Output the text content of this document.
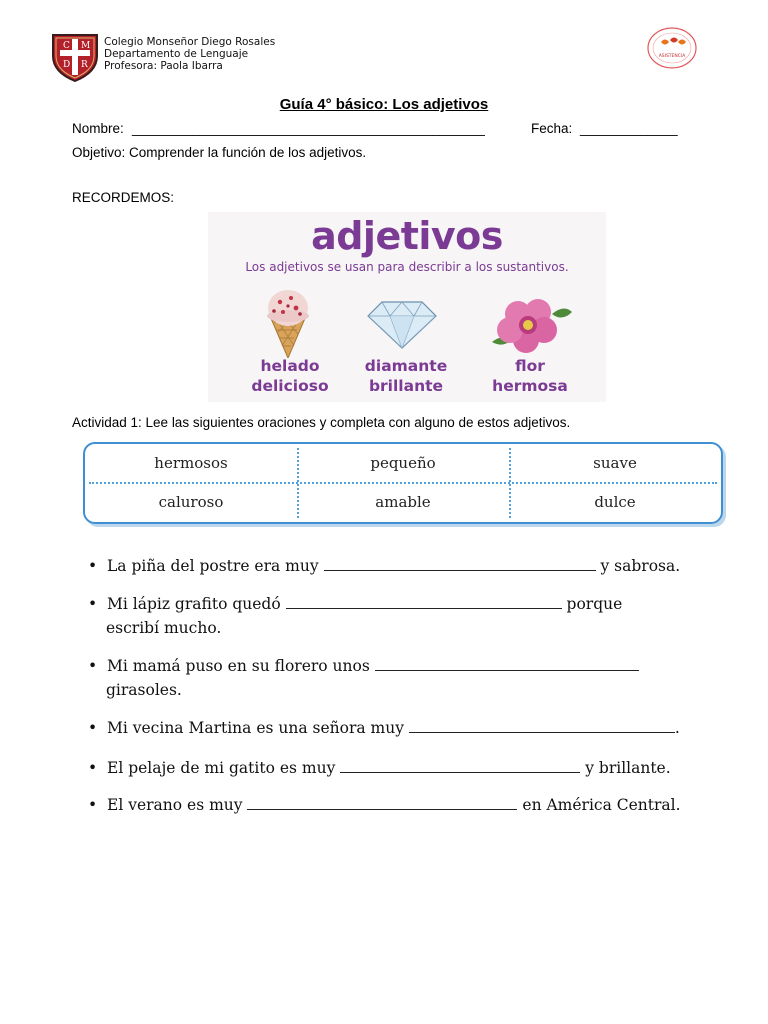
C M
D R
Colegio Monseñor Diego Rosales
Departamento de Lenguaje
Profesora: Paola Ibarra
ASISTENCIA
Guía 4° básico: Los adjetivos
Nombre: _______________________________________________	Fecha: _____________
Objetivo: Comprender la función de los adjetivos.
RECORDEMOS:
adjetivos
Los adjetivos se usan para describir a los sustantivos.
helado
delicioso
diamante
brillante
flor
hermosa
Actividad 1: Lee las siguientes oraciones y completa con alguno de estos adjetivos.
hermosos	pequeño	suave
caluroso	amable	dulce
•  La piña del postre era muy	y sabrosa.
•  Mi lápiz grafito quedó	porque
escribí mucho.
•  Mi mamá puso en su florero unos
girasoles.
•  Mi vecina Martina es una señora muy	.
•  El pelaje de mi gatito es muy	y brillante.
•  El verano es muy	en América Central.
